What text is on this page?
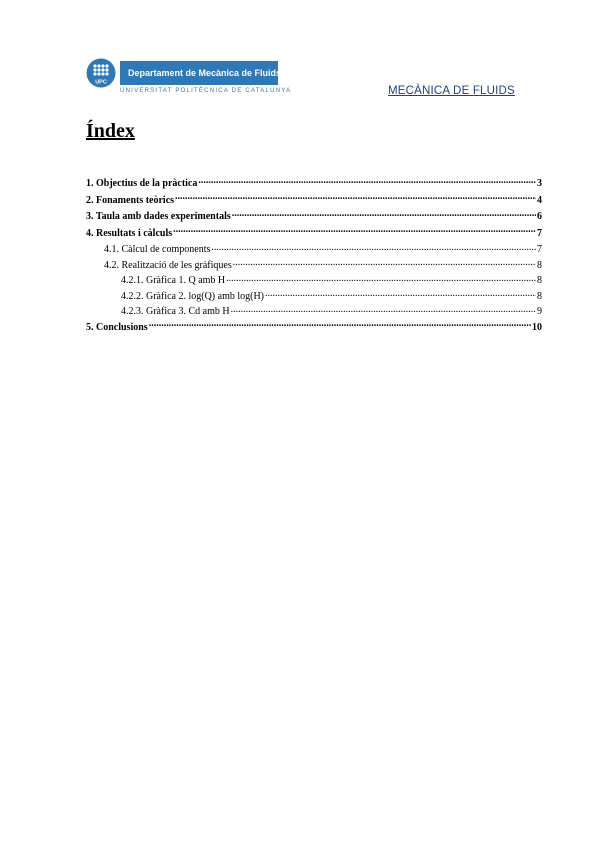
UPC
Departament de Mecànica de Fluids
UNIVERSITAT POLITÈCNICA DE CATALUNYA	MECÀNICA DE FLUIDS
Índex
1. Objectius de la pràctica .....	3
2. Fonaments teòrics .....	4
3. Taula amb dades experimentals .....	6
4. Resultats i càlculs .....	7
4.1. Càlcul de components .....	7
4.2. Realització de les gràfiques .....	8
4.2.1. Gràfica 1. Q amb H .....	8
4.2.2. Gràfica 2. log(Q) amb log(H) .....	8
4.2.3. Gràfica 3. Cd amb H .....	9
5. Conclusions .....	10
